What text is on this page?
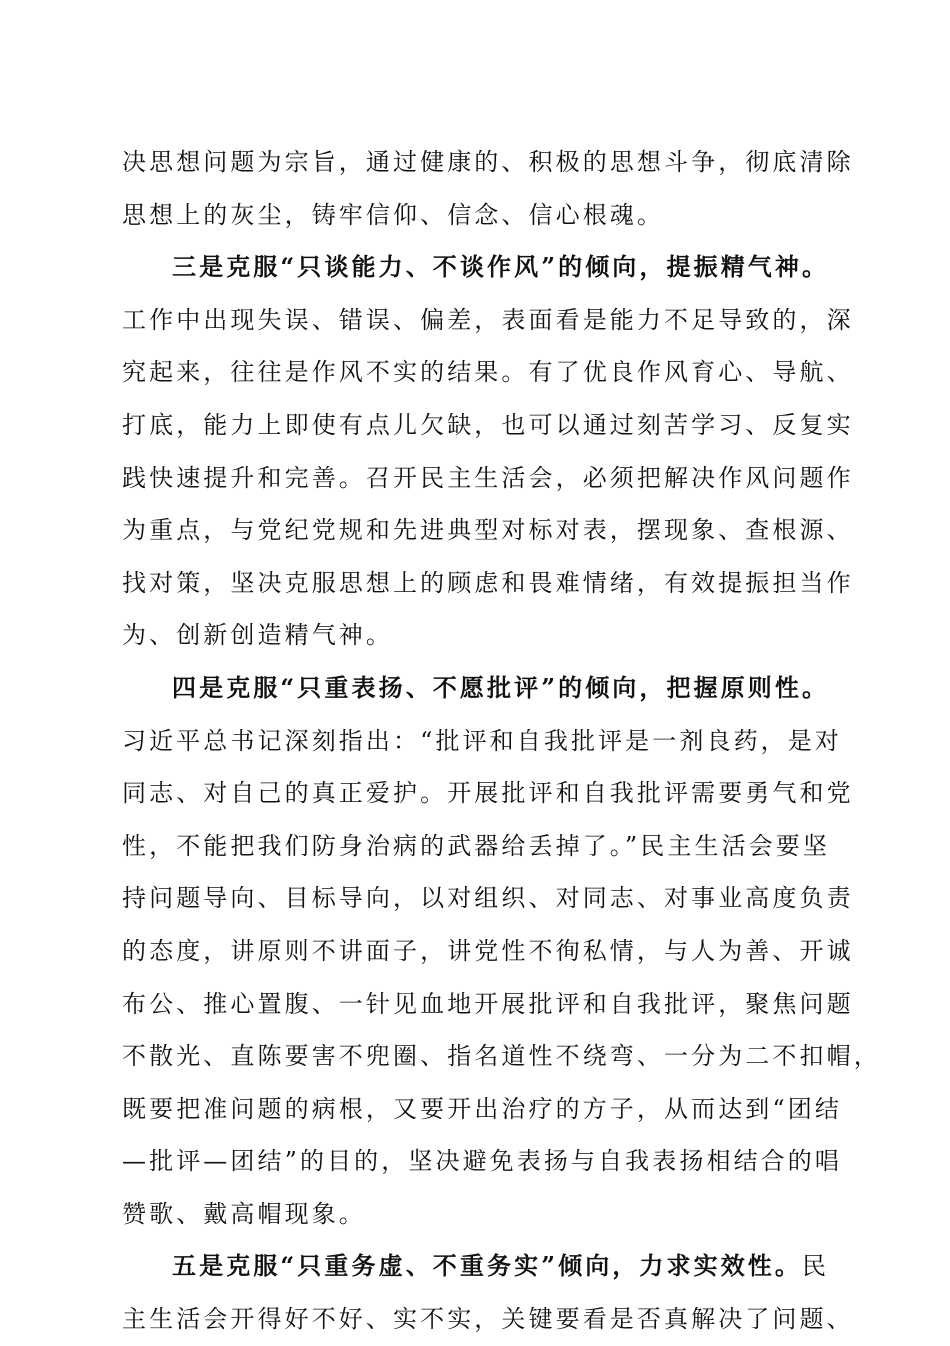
决思想问题为宗旨，通过健康的、积极的思想斗争，彻底清除
思想上的灰尘，铸牢信仰、信念、信心根魂。
三是克服“只谈能力、不谈作风”的倾向，提振精气神。
工作中出现失误、错误、偏差，表面看是能力不足导致的，深
究起来，往往是作风不实的结果。有了优良作风育心、导航、
打底，能力上即使有点儿欠缺，也可以通过刻苦学习、反复实
践快速提升和完善。召开民主生活会，必须把解决作风问题作
为重点，与党纪党规和先进典型对标对表，摆现象、查根源、
找对策，坚决克服思想上的顾虑和畏难情绪，有效提振担当作
为、创新创造精气神。
四是克服“只重表扬、不愿批评”的倾向，把握原则性。
习近平总书记深刻指出：“批评和自我批评是一剂良药，是对
同志、对自己的真正爱护。开展批评和自我批评需要勇气和党
性，不能把我们防身治病的武器给丢掉了。”民主生活会要坚
持问题导向、目标导向，以对组织、对同志、对事业高度负责
的态度，讲原则不讲面子，讲党性不徇私情，与人为善、开诚
布公、推心置腹、一针见血地开展批评和自我批评，聚焦问题
不散光、直陈要害不兜圈、指名道性不绕弯、一分为二不扣帽，
既要把准问题的病根，又要开出治疗的方子，从而达到“团结
—批评—团结”的目的，坚决避免表扬与自我表扬相结合的唱
赞歌、戴高帽现象。
五是克服“只重务虚、不重务实”倾向，力求实效性。民
主生活会开得好不好、实不实，关键要看是否真解决了问题、
